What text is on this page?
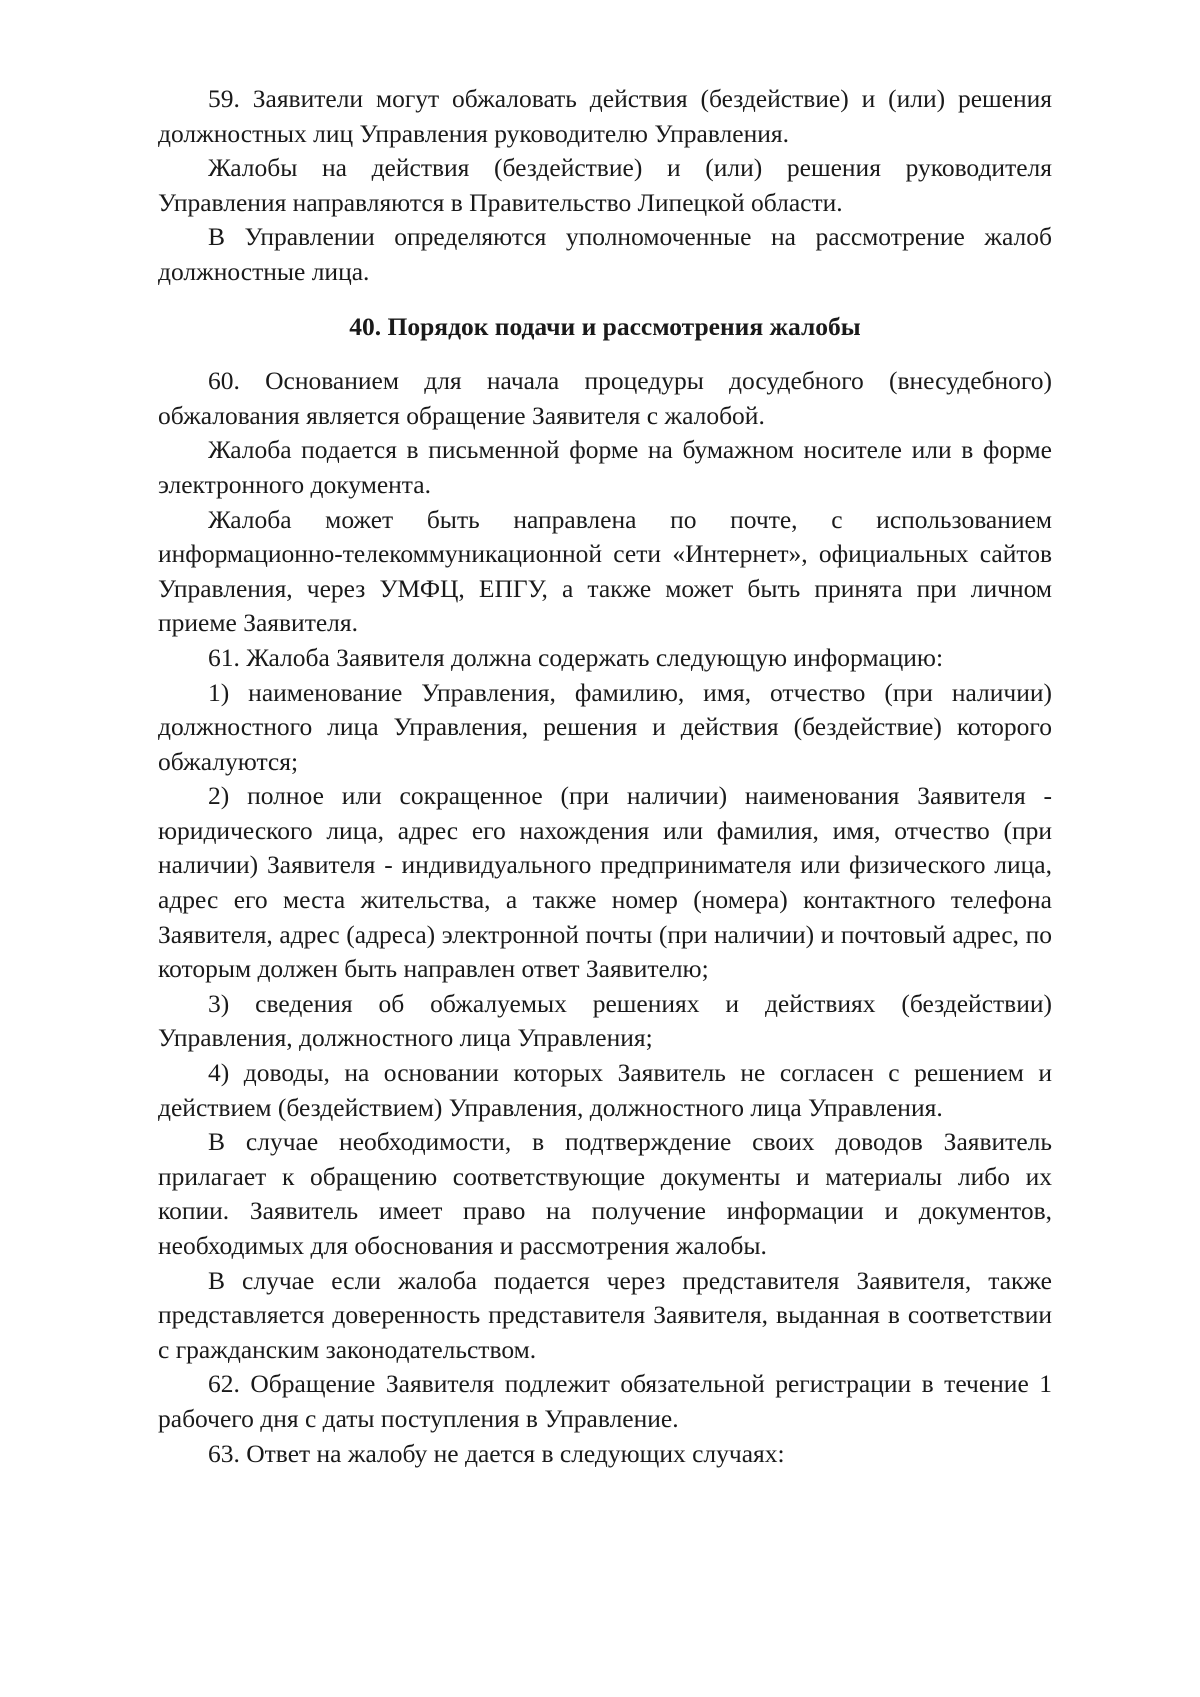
59. Заявители могут обжаловать действия (бездействие) и (или) решения должностных лиц Управления руководителю Управления.

Жалобы на действия (бездействие) и (или) решения руководителя Управления направляются в Правительство Липецкой области.

В Управлении определяются уполномоченные на рассмотрение жалоб должностные лица.

40. Порядок подачи и рассмотрения жалобы

60. Основанием для начала процедуры досудебного (внесудебного) обжалования является обращение Заявителя с жалобой.

Жалоба подается в письменной форме на бумажном носителе или в форме электронного документа.

Жалоба может быть направлена по почте, с использованием информационно-телекоммуникационной сети «Интернет», официальных сайтов Управления, через УМФЦ, ЕПГУ, а также может быть принята при личном приеме Заявителя.

61. Жалоба Заявителя должна содержать следующую информацию:

1) наименование Управления, фамилию, имя, отчество (при наличии) должностного лица Управления, решения и действия (бездействие) которого обжалуются;

2) полное или сокращенное (при наличии) наименования Заявителя - юридического лица, адрес его нахождения или фамилия, имя, отчество (при наличии) Заявителя - индивидуального предпринимателя или физического лица, адрес его места жительства, а также номер (номера) контактного телефона Заявителя, адрес (адреса) электронной почты (при наличии) и почтовый адрес, по которым должен быть направлен ответ Заявителю;

3) сведения об обжалуемых решениях и действиях (бездействии) Управления, должностного лица Управления;

4) доводы, на основании которых Заявитель не согласен с решением и действием (бездействием) Управления, должностного лица Управления.

В случае необходимости, в подтверждение своих доводов Заявитель прилагает к обращению соответствующие документы и материалы либо их копии. Заявитель имеет право на получение информации и документов, необходимых для обоснования и рассмотрения жалобы.

В случае если жалоба подается через представителя Заявителя, также представляется доверенность представителя Заявителя, выданная в соответствии с гражданским законодательством.

62. Обращение Заявителя подлежит обязательной регистрации в течение 1 рабочего дня с даты поступления в Управление.

63. Ответ на жалобу не дается в следующих случаях:
